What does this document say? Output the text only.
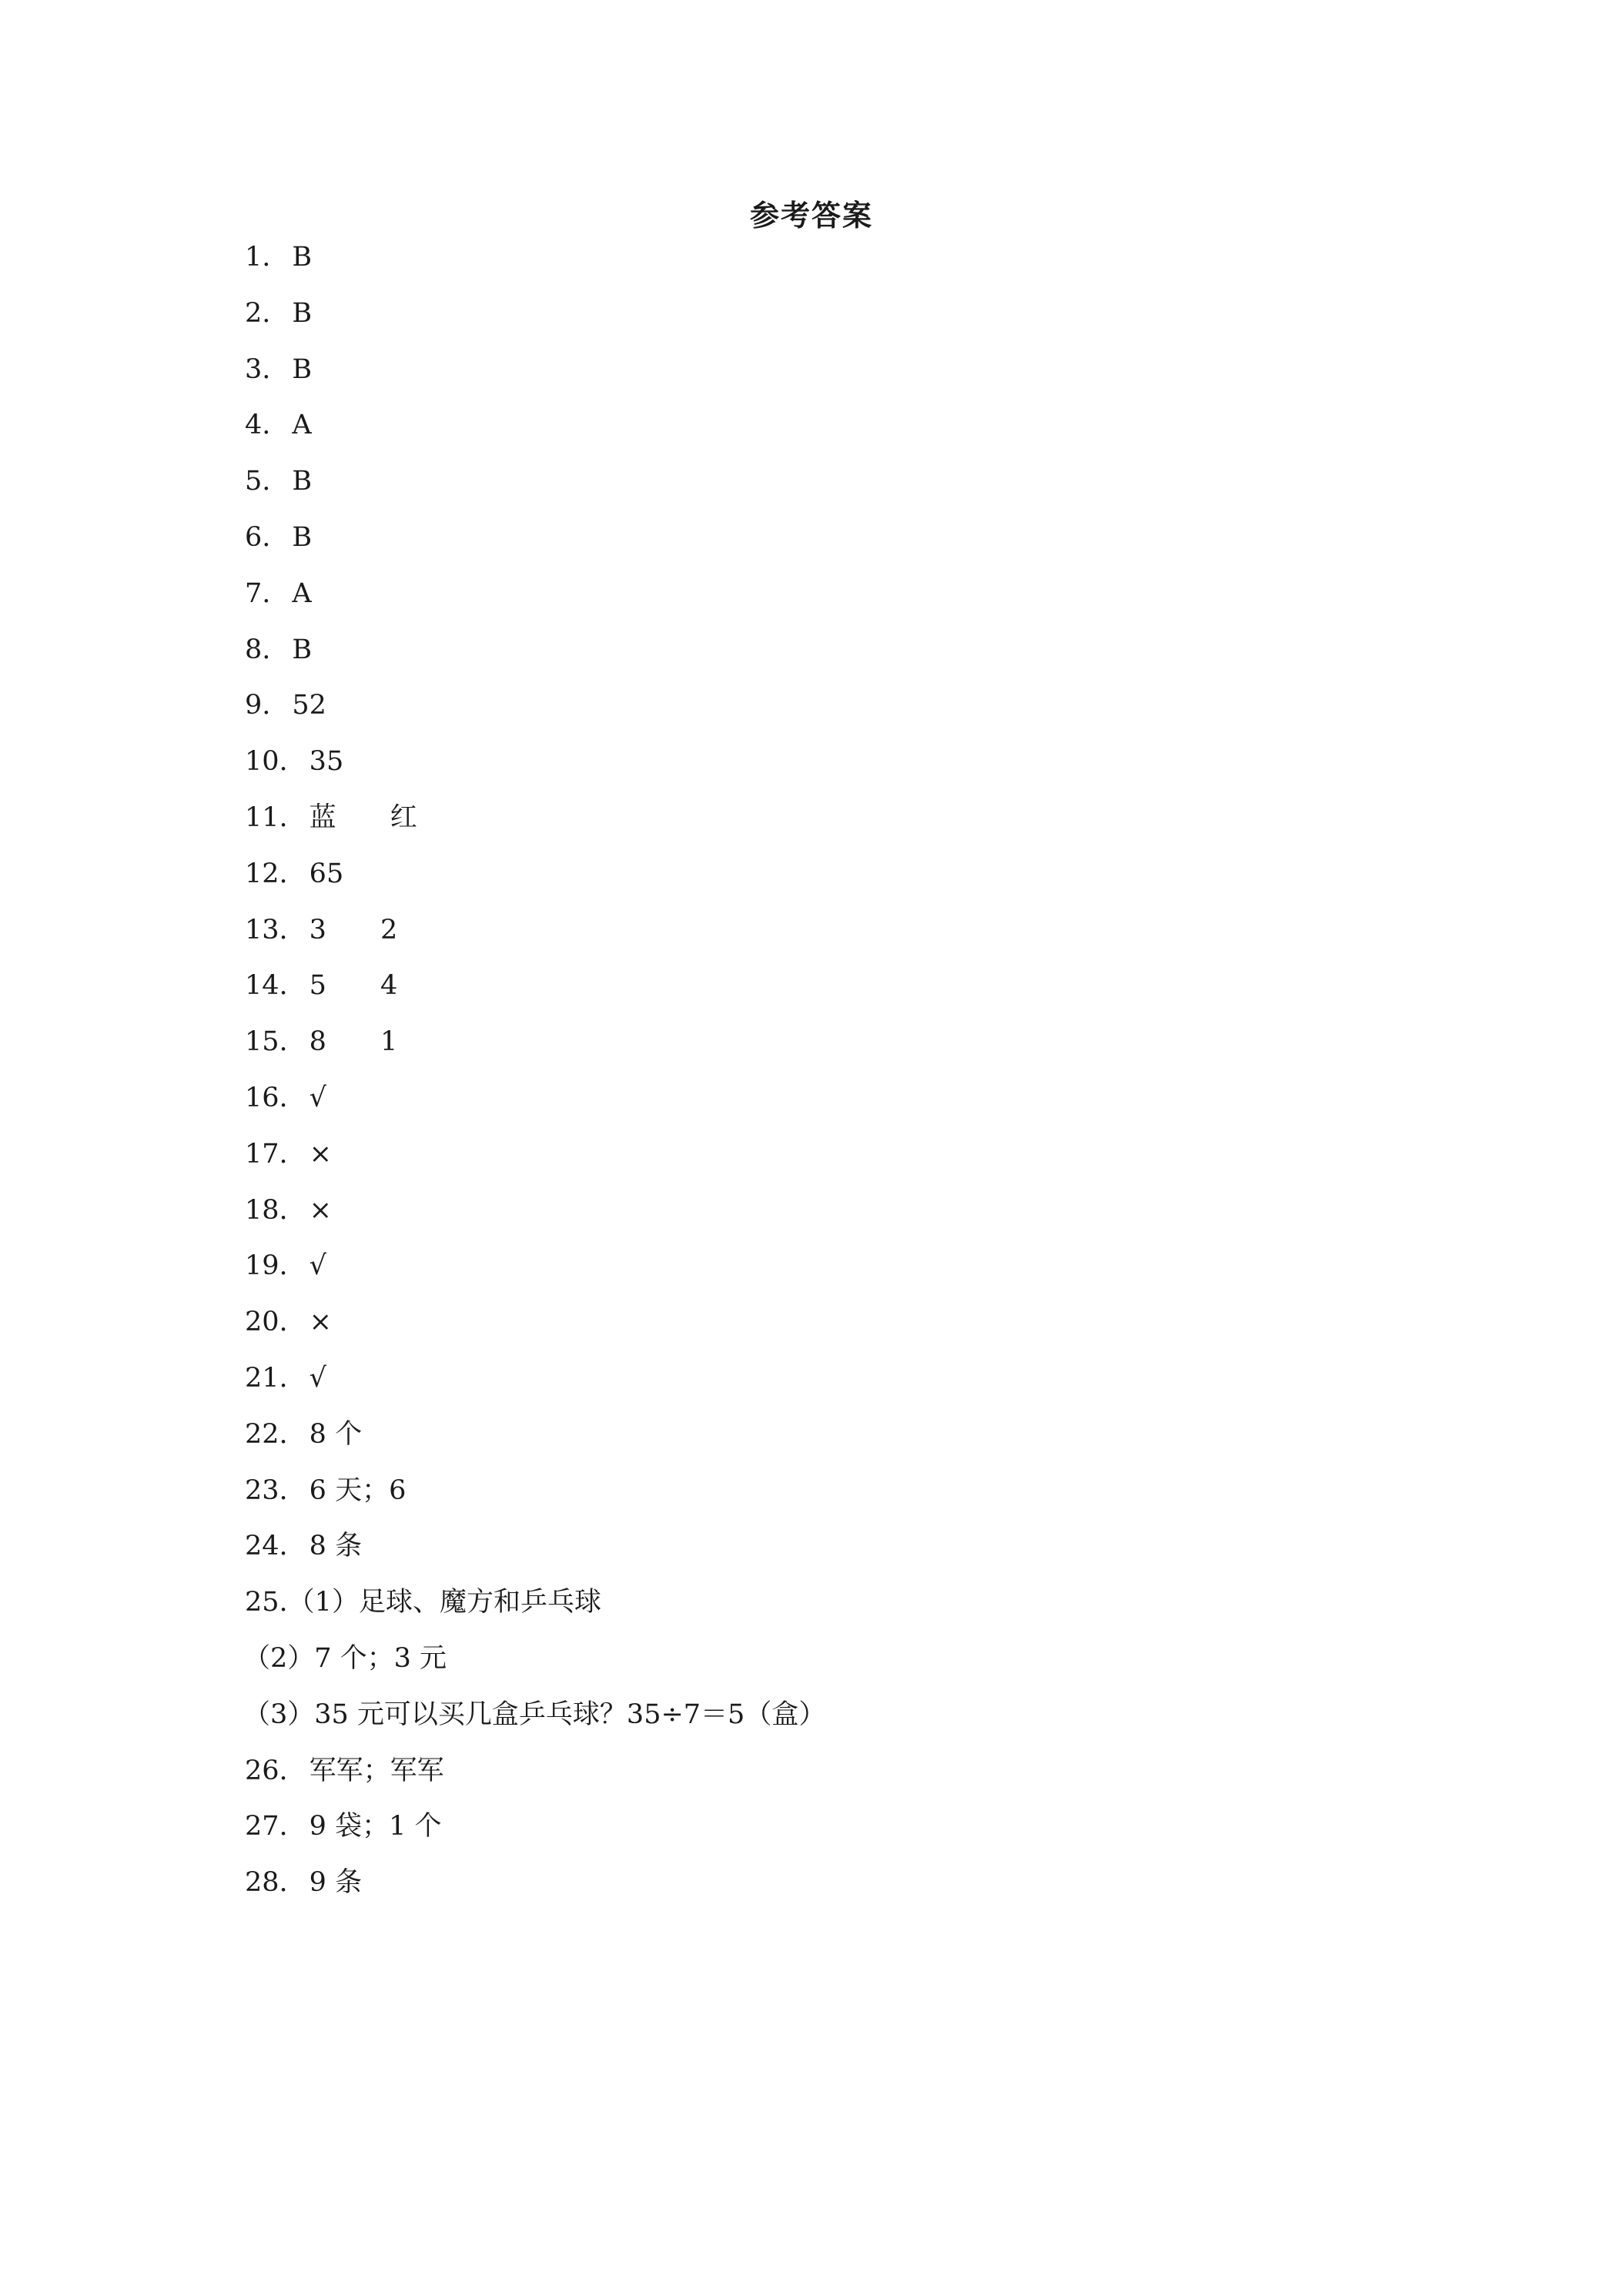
参考答案
1. B
2. B
3. B
4. A
5. B
6. B
7. A
8. B
9. 52
10. 35
11. 蓝 红
12. 65
13. 3 2
14. 5 4
15. 8 1
16. √
17. ×
18. ×
19. √
20. ×
21. √
22. 8 个
23. 6 天；6
24. 8 条
25.（1）足球、魔方和乒乓球
（2）7 个；3 元
（3）35 元可以买几盒乒乓球？35÷7＝5（盒）
26. 军军；军军
27. 9 袋；1 个
28. 9 条
